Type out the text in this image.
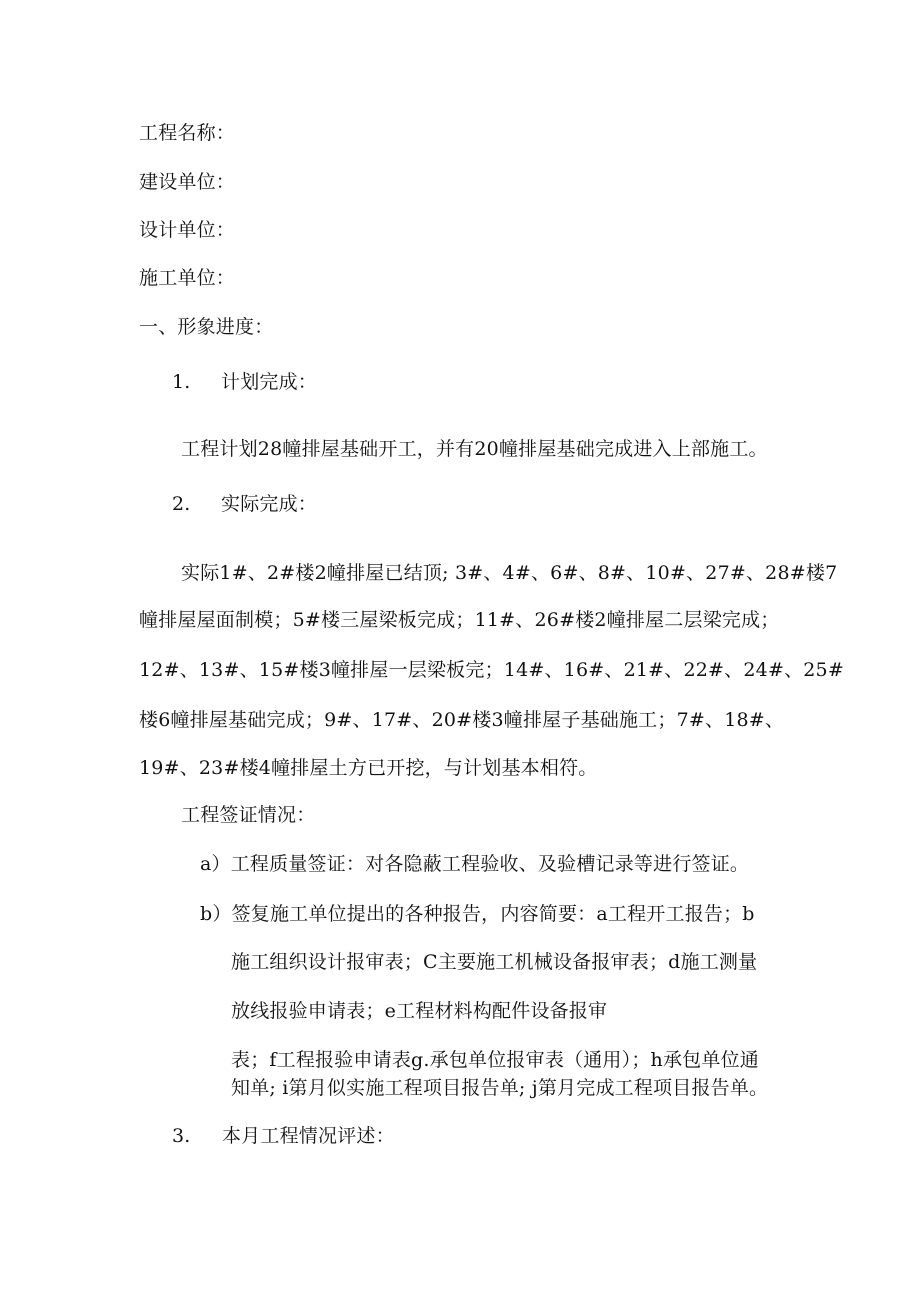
工程名称：
建设单位：
设计单位：
施工单位：
一、形象进度：
1. 计划完成：
工程计划28幢排屋基础开工，并有20幢排屋基础完成进入上部施工。
2. 实际完成：
实际1#、2#楼2幢排屋已结顶; 3#、4#、6#、8#、10#、27#、28#楼7
幢排屋屋面制模；5#楼三屋梁板完成；11#、26#楼2幢排屋二层梁完成；
12#、13#、15#楼3幢排屋一层梁板完；14#、16#、21#、22#、24#、25#
楼6幢排屋基础完成；9#、17#、20#楼3幢排屋子基础施工；7#、18#、
19#、23#楼4幢排屋土方已开挖，与计划基本相符。
工程签证情况：
a）工程质量签证：对各隐蔽工程验收、及验槽记录等进行签证。
b）签复施工单位提出的各种报告，内容简要：a工程开工报告；b
施工组织设计报审表；C主要施工机械设备报审表；d施工测量
放线报验申请表；e工程材料构配件设备报审
表；f工程报验申请表g.承包单位报审表（通用）；h承包单位通
知单; i第月似实施工程项目报告单; j第月完成工程项目报告单。
3. 本月工程情况评述：
